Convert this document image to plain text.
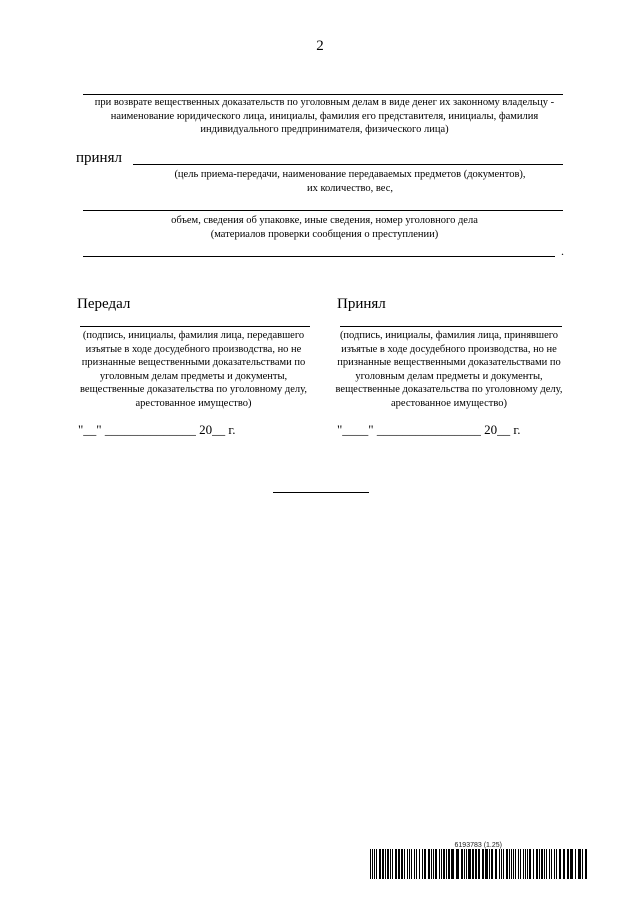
2
при возврате вещественных доказательств по уголовным делам в виде денег их законному владельцу - наименование юридического лица, инициалы, фамилия его представителя, инициалы, фамилия индивидуального предпринимателя, физического лица)
принял
(цель приема-передачи, наименование передаваемых предметов (документов),
их количество, вес,
объем, сведения об упаковке, иные сведения, номер уголовного дела
(материалов проверки сообщения о преступлении)
.
Передал	Принял
(подпись, инициалы, фамилия лица, передавшего изъятые в ходе досудебного производства, но не признанные вещественными доказательствами по уголовным делам предметы и документы, вещественные доказательства по уголовному делу, арестованное имущество)
(подпись, инициалы, фамилия лица, принявшего изъятые в ходе досудебного производства, но не признанные вещественными доказательствами по уголовным делам предметы и документы, вещественные доказательства по уголовному делу, арестованное имущество)
"__" ______________ 20__ г.	"____" ________________ 20__ г.
6193783 (1.25)
